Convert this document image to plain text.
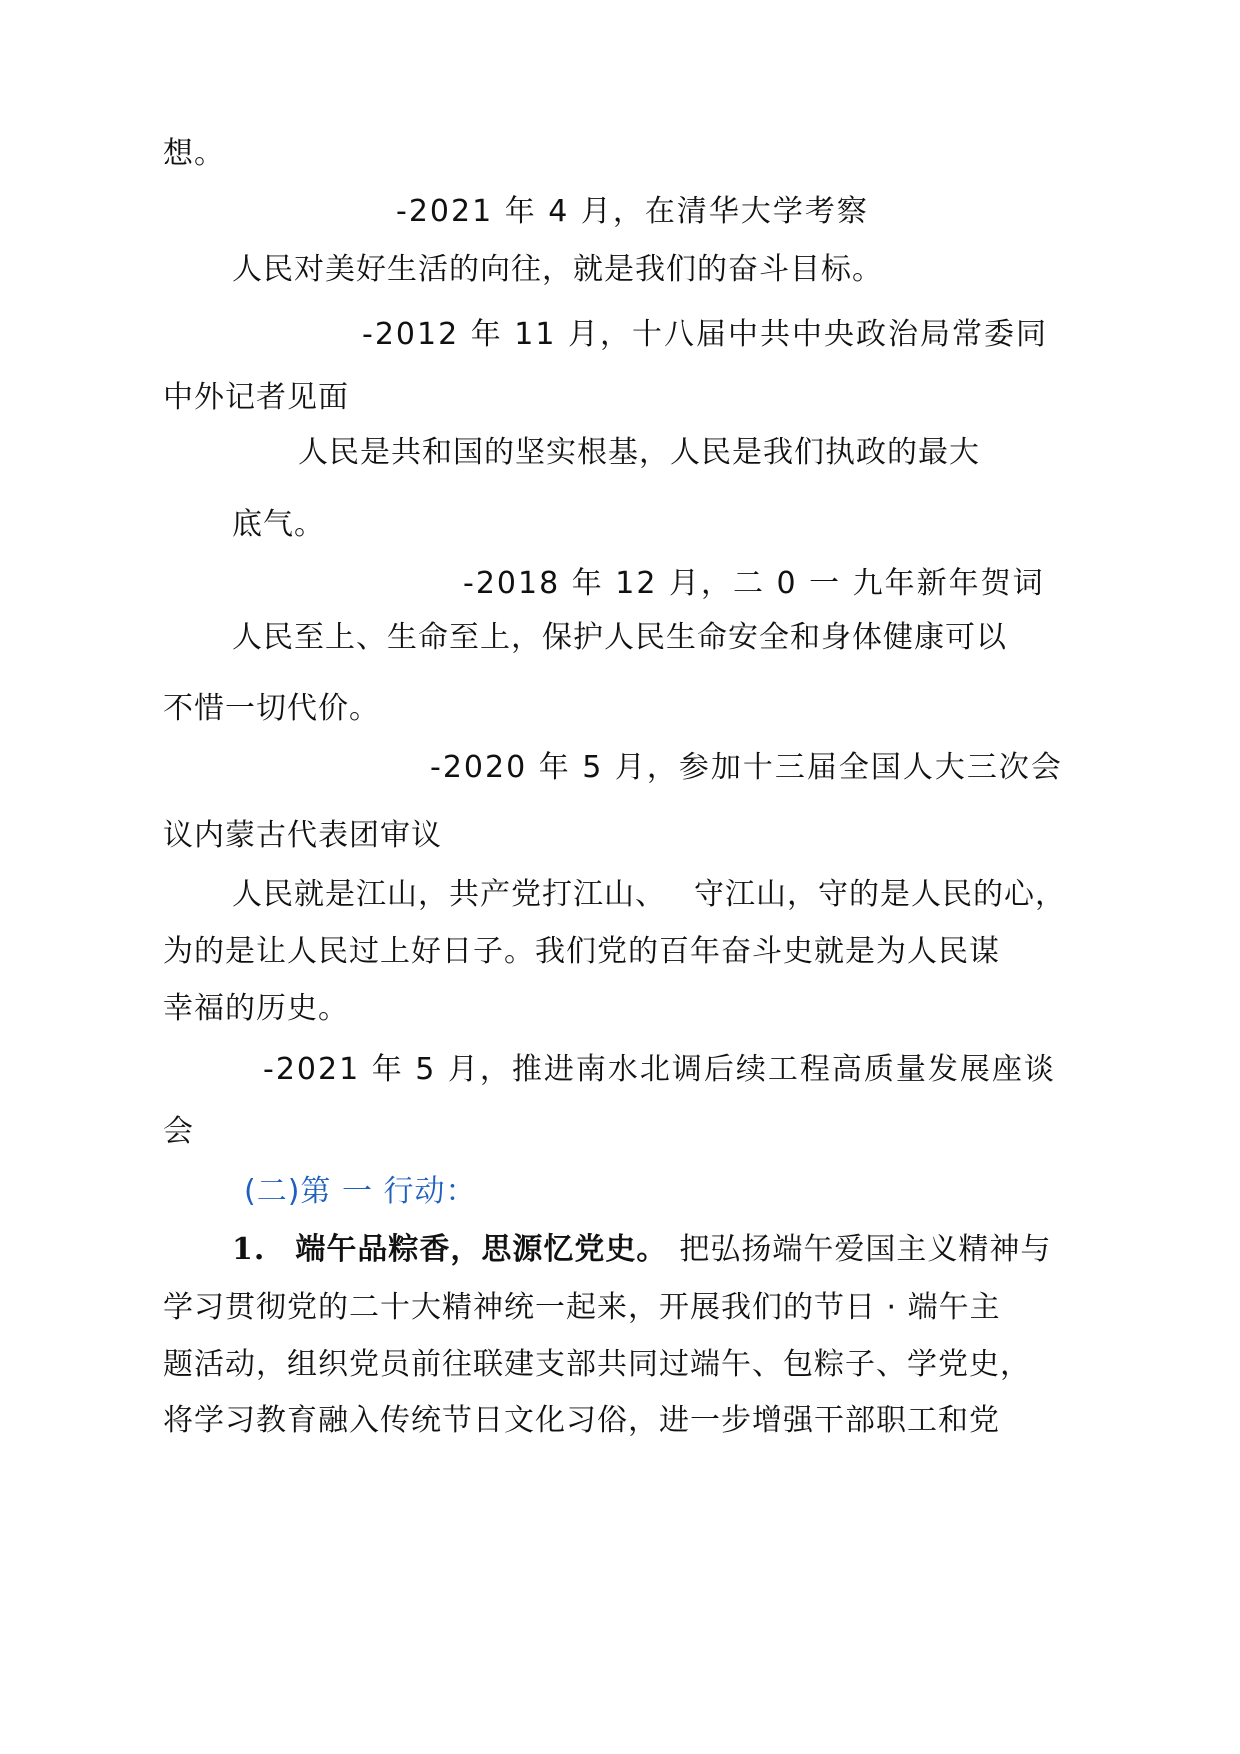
想。
-2021 年 4 月，在清华大学考察
人民对美好生活的向往，就是我们的奋斗目标。
-2012 年 11 月，十八届中共中央政治局常委同
中外记者见面
人民是共和国的坚实根基，人民是我们执政的最大
底气。
-2018 年 12 月，二 0 一 九年新年贺词
人民至上、生命至上，保护人民生命安全和身体健康可以
不惜一切代价。
-2020 年 5 月，参加十三届全国人大三次会
议内蒙古代表团审议
人民就是江山，共产党打江山、 守江山，守的是人民的心，
为的是让人民过上好日子。我们党的百年奋斗史就是为人民谋
幸福的历史。
-2021 年 5 月，推进南水北调后续工程高质量发展座谈
会
(二)第 一 行动：
1. 端午品粽香，思源忆党史。 把弘扬端午爱国主义精神与
学习贯彻党的二十大精神统一起来，开展我们的节日 · 端午主
题活动，组织党员前往联建支部共同过端午、包粽子、学党史，
将学习教育融入传统节日文化习俗，进一步增强干部职工和党
